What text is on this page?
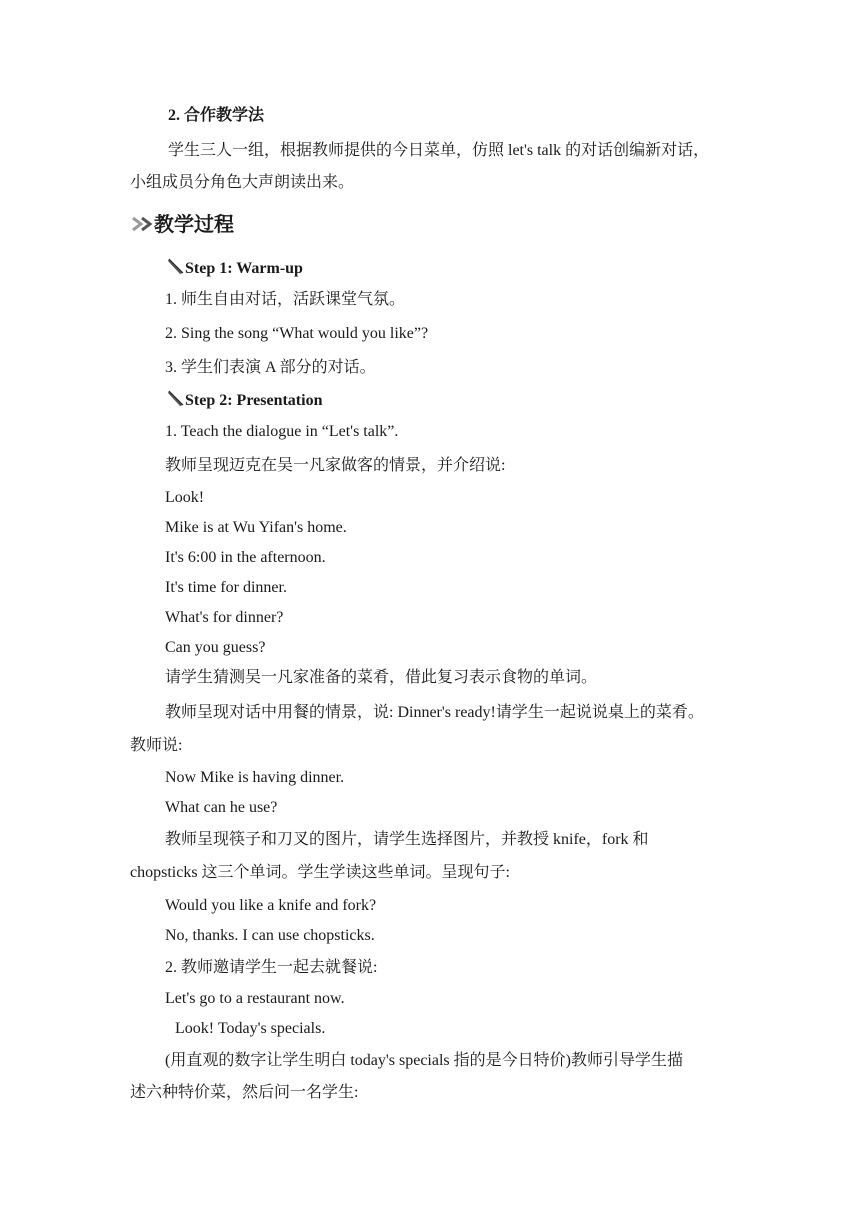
2. 合作教学法
学生三人一组，根据教师提供的今日菜单，仿照 let's talk 的对话创编新对话，
小组成员分角色大声朗读出来。
教学过程
Step 1: Warm-up
1. 师生自由对话，活跃课堂气氛。
2. Sing the song “What would you like”?
3. 学生们表演 A 部分的对话。
Step 2: Presentation
1. Teach the dialogue in “Let's talk”.
教师呈现迈克在吴一凡家做客的情景，并介绍说:
Look!
Mike is at Wu Yifan's home.
It's 6:00 in the afternoon.
It's time for dinner.
What's for dinner?
Can you guess?
请学生猜测吴一凡家准备的菜肴，借此复习表示食物的单词。
教师呈现对话中用餐的情景，说: Dinner's ready!请学生一起说说桌上的菜肴。
教师说:
Now Mike is having dinner.
What can he use?
教师呈现筷子和刀叉的图片，请学生选择图片，并教授 knife，fork 和
chopsticks 这三个单词。学生学读这些单词。呈现句子:
Would you like a knife and fork?
No, thanks. I can use chopsticks.
2. 教师邀请学生一起去就餐说:
Let's go to a restaurant now.
Look! Today's specials.
(用直观的数字让学生明白 today's specials 指的是今日特价)教师引导学生描
述六种特价菜，然后问一名学生:
